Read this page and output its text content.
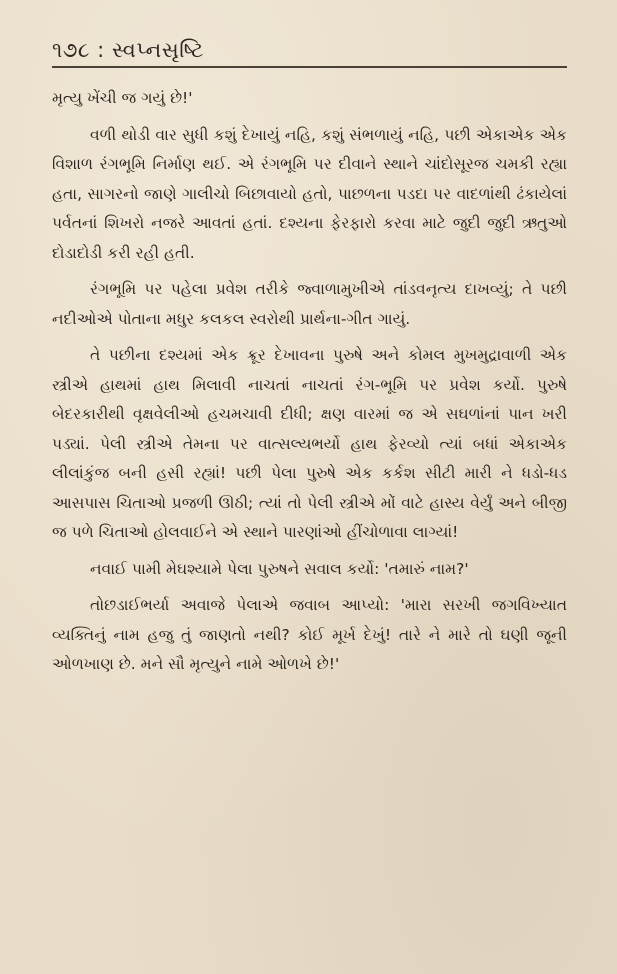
૧૭૮ : સ્વપ્નસૃષ્ટિ

મૃત્યુ ખેંચી જ ગયું છે!'

વળી થોડી વાર સુધી કશું દેખાયું નહિ, કશું સંભળાયું નહિ, પછી એકાએક એક વિશાળ રંગભૂમિ નિર્માણ થઈ. એ રંગભૂમિ પર દીવાને સ્થાને ચાંદોસૂરજ ચમકી રહ્યા હતા, સાગરનો જાણે ગાલીચો બિછાવાયો હતો, પાછળના પડદા પર વાદળાંથી ઢંકાયેલાં પર્વતનાં શિખરો નજરે આવતાં હતાં. દશ્યના ફેરફારો કરવા માટે જુદી જુદી ઋતુઓ દોડાદોડી કરી રહી હતી.

રંગભૂમિ પર પહેલા પ્રવેશ તરીકે જ્વાળામુખીએ તાંડવનૃત્ય દાખવ્યું; તે પછી નદીઓએ પોતાના મધુર કલકલ સ્વરોથી પ્રાર્થના-ગીત ગાયું.

તે પછીના દશ્યમાં એક ક્રૂર દેખાવના પુરુષે અને કોમલ મુખમુદ્રાવાળી એક સ્ત્રીએ હાથમાં હાથ મિલાવી નાચતાં નાચતાં રંગ-ભૂમિ પર પ્રવેશ કર્યો. પુરુષે બેદરકારીથી વૃક્ષવેલીઓ હચમચાવી દીધી; ક્ષણ વારમાં જ એ સઘળાંનાં પાન ખરી પડ્યાં. પેલી સ્ત્રીએ તેમના પર વાત્સલ્યભર્યો હાથ ફેરવ્યો ત્યાં બધાં એકાએક લીલાંકુંજ બની હસી રહ્યાં! પછી પેલા પુરુષે એક કર્કશ સીટી મારી ને ધડો-ધડ આસપાસ ચિતાઓ પ્રજળી ઊઠી; ત્યાં તો પેલી સ્ત્રીએ મોં વાટે હાસ્ય વેર્યું અને બીજી જ પળે ચિતાઓ હોલવાઈને એ સ્થાને પારણાંઓ હીંચોળાવા લાગ્યાં!

નવાઈ પામી મેઘશ્યામે પેલા પુરુષને સવાલ કર્યો: 'તમારું નામ?'

તોછડાઈભર્યા અવાજે પેલાએ જવાબ આપ્યો: 'મારા સરખી જગવિખ્યાત વ્યક્તિનું નામ હજુ તું જાણતો નથી? કોઈ મૂર્ખ દેખું! તારે ને મારે તો ઘણી જૂની ઓળખાણ છે. મને સૌ મૃત્યુને નામે ઓળખે છે!'
